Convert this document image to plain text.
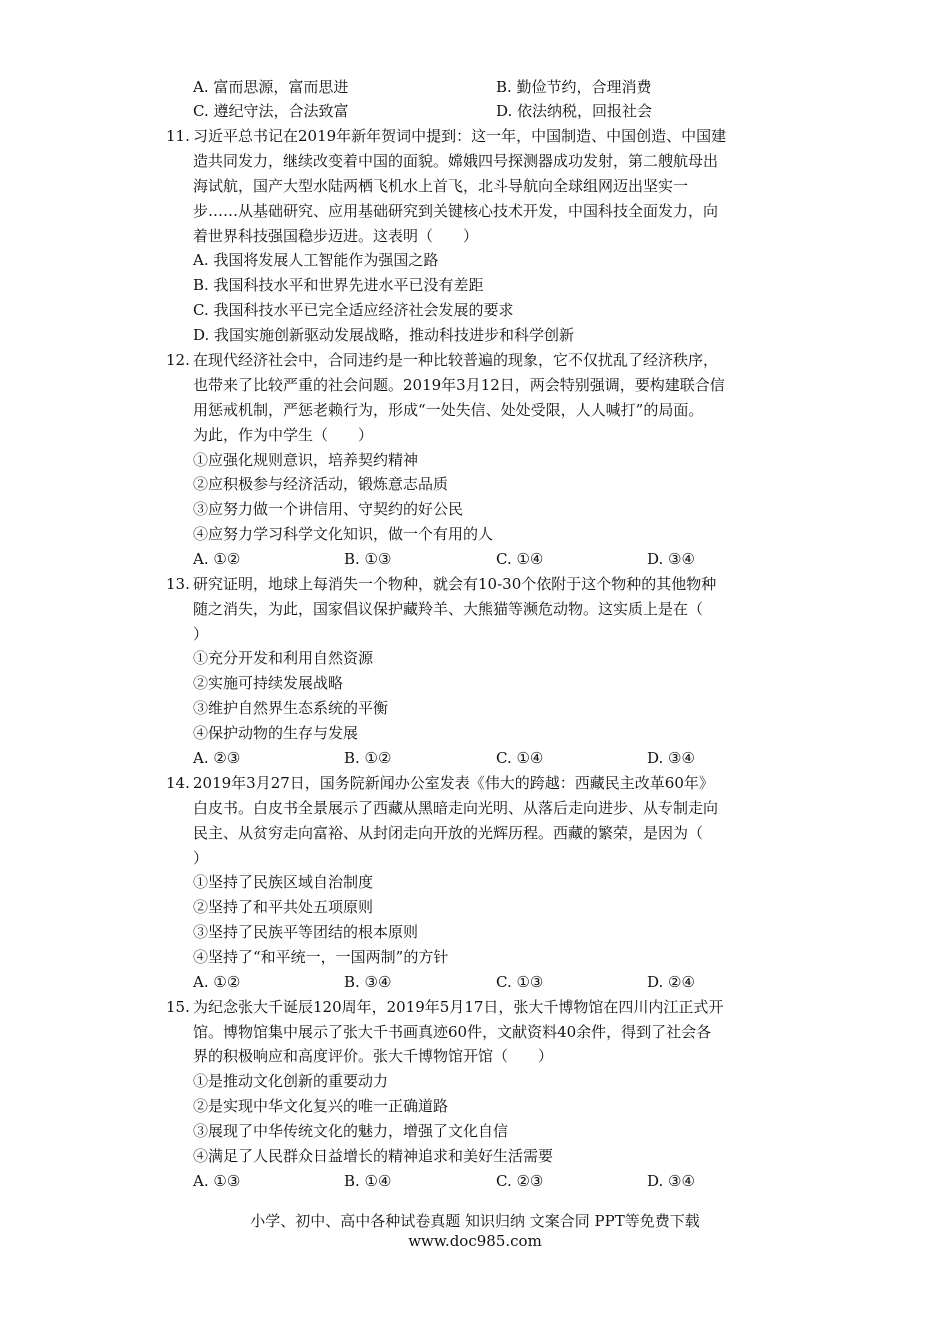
A. 富而思源，富而思进	B. 勤俭节约，合理消费
C. 遵纪守法，合法致富	D. 依法纳税，回报社会
11. 习近平总书记在2019年新年贺词中提到：这一年，中国制造、中国创造、中国建
造共同发力，继续改变着中国的面貌。嫦娥四号探测器成功发射，第二艘航母出
海试航，国产大型水陆两栖飞机水上首飞，北斗导航向全球组网迈出坚实一
步……从基础研究、应用基础研究到关键核心技术开发，中国科技全面发力，向
着世界科技强国稳步迈进。这表明（　　）
A. 我国将发展人工智能作为强国之路
B. 我国科技水平和世界先进水平已没有差距
C. 我国科技水平已完全适应经济社会发展的要求
D. 我国实施创新驱动发展战略，推动科技进步和科学创新
12. 在现代经济社会中，合同违约是一种比较普遍的现象，它不仅扰乱了经济秩序，
也带来了比较严重的社会问题。2019年3月12日，两会特别强调，要构建联合信
用惩戒机制，严惩老赖行为，形成“一处失信、处处受限，人人喊打”的局面。
为此，作为中学生（　　）
①应强化规则意识，培养契约精神
②应积极参与经济活动，锻炼意志品质
③应努力做一个讲信用、守契约的好公民
④应努力学习科学文化知识，做一个有用的人
A. ①②	B. ①③	C. ①④	D. ③④
13. 研究证明，地球上每消失一个物种，就会有10-30个依附于这个物种的其他物种
随之消失，为此，国家倡议保护藏羚羊、大熊猫等濒危动物。这实质上是在（
）
①充分开发和利用自然资源
②实施可持续发展战略
③维护自然界生态系统的平衡
④保护动物的生存与发展
A. ②③	B. ①②	C. ①④	D. ③④
14. 2019年3月27日，国务院新闻办公室发表《伟大的跨越：西藏民主改革60年》
白皮书。白皮书全景展示了西藏从黑暗走向光明、从落后走向进步、从专制走向
民主、从贫穷走向富裕、从封闭走向开放的光辉历程。西藏的繁荣，是因为（
）
①坚持了民族区域自治制度
②坚持了和平共处五项原则
③坚持了民族平等团结的根本原则
④坚持了“和平统一，一国两制”的方针
A. ①②	B. ③④	C. ①③	D. ②④
15. 为纪念张大千诞辰120周年，2019年5月17日，张大千博物馆在四川内江正式开
馆。博物馆集中展示了张大千书画真迹60件，文献资料40余件，得到了社会各
界的积极响应和高度评价。张大千博物馆开馆（　　）
①是推动文化创新的重要动力
②是实现中华文化复兴的唯一正确道路
③展现了中华传统文化的魅力，增强了文化自信
④满足了人民群众日益增长的精神追求和美好生活需要
A. ①③	B. ①④	C. ②③	D. ③④
小学、初中、高中各种试卷真题 知识归纳 文案合同 PPT等免费下载
www.doc985.com
